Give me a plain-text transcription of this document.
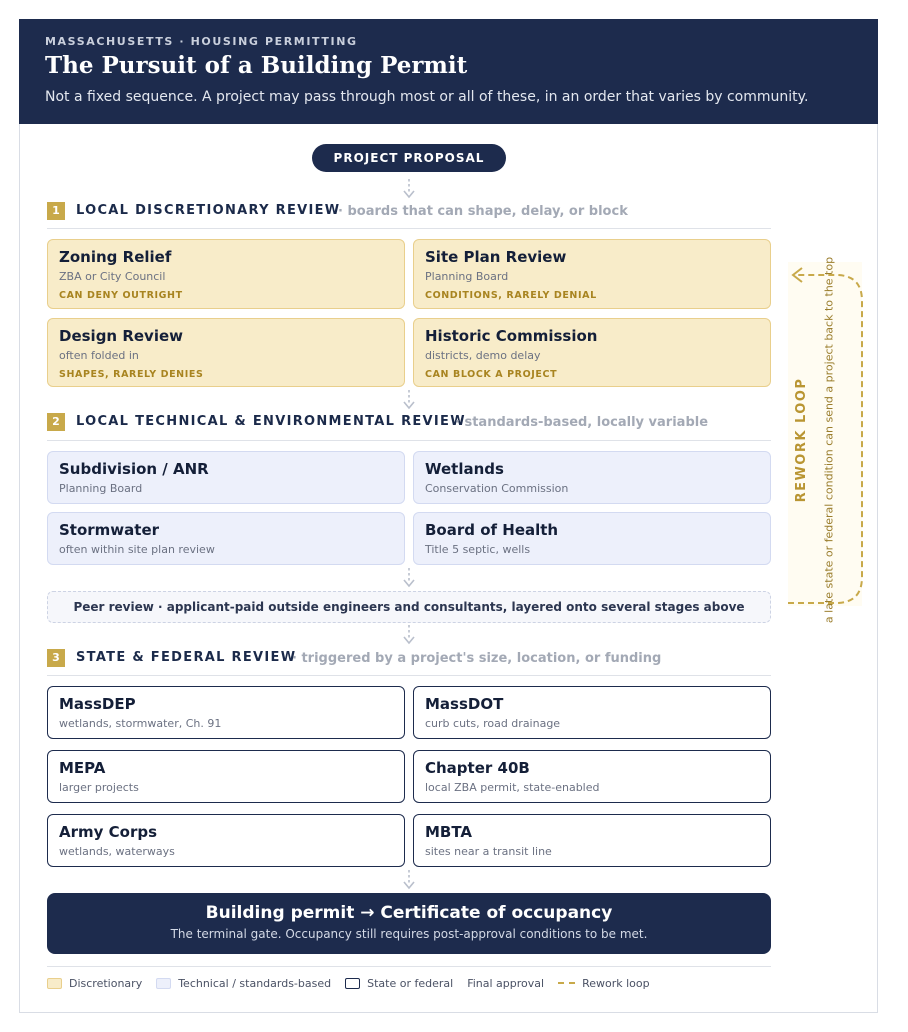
MASSACHUSETTS · HOUSING PERMITTING
The Pursuit of a Building Permit
Not a fixed sequence. A project may pass through most or all of these, in an order that varies by community.
PROJECT PROPOSAL
1	LOCAL DISCRETIONARY REVIEW
· boards that can shape, delay, or block
Zoning Relief
ZBA or City Council
CAN DENY OUTRIGHT
Site Plan Review
Planning Board
CONDITIONS, RARELY DENIAL
Design Review
often folded in
SHAPES, RARELY DENIES
Historic Commission
districts, demo delay
CAN BLOCK A PROJECT
2	LOCAL TECHNICAL & ENVIRONMENTAL REVIEW
· standards-based, locally variable
Subdivision / ANR
Planning Board
Wetlands
Conservation Commission
Stormwater
often within site plan review
Board of Health
Title 5 septic, wells
Peer review · applicant-paid outside engineers and consultants, layered onto several stages above
3	STATE & FEDERAL REVIEW
· triggered by a project's size, location, or funding
MassDEP
wetlands, stormwater, Ch. 91
MassDOT
curb cuts, road drainage
MEPA
larger projects
Chapter 40B
local ZBA permit, state-enabled
Army Corps
wetlands, waterways
MBTA
sites near a transit line
Building permit → Certificate of occupancy
The terminal gate. Occupancy still requires post-approval conditions to be met.
Discretionary	Technical / standards-based	State or federal Final approval	Rework loop
REWORK LOOP a late state or federal condition can send a project back to the top
